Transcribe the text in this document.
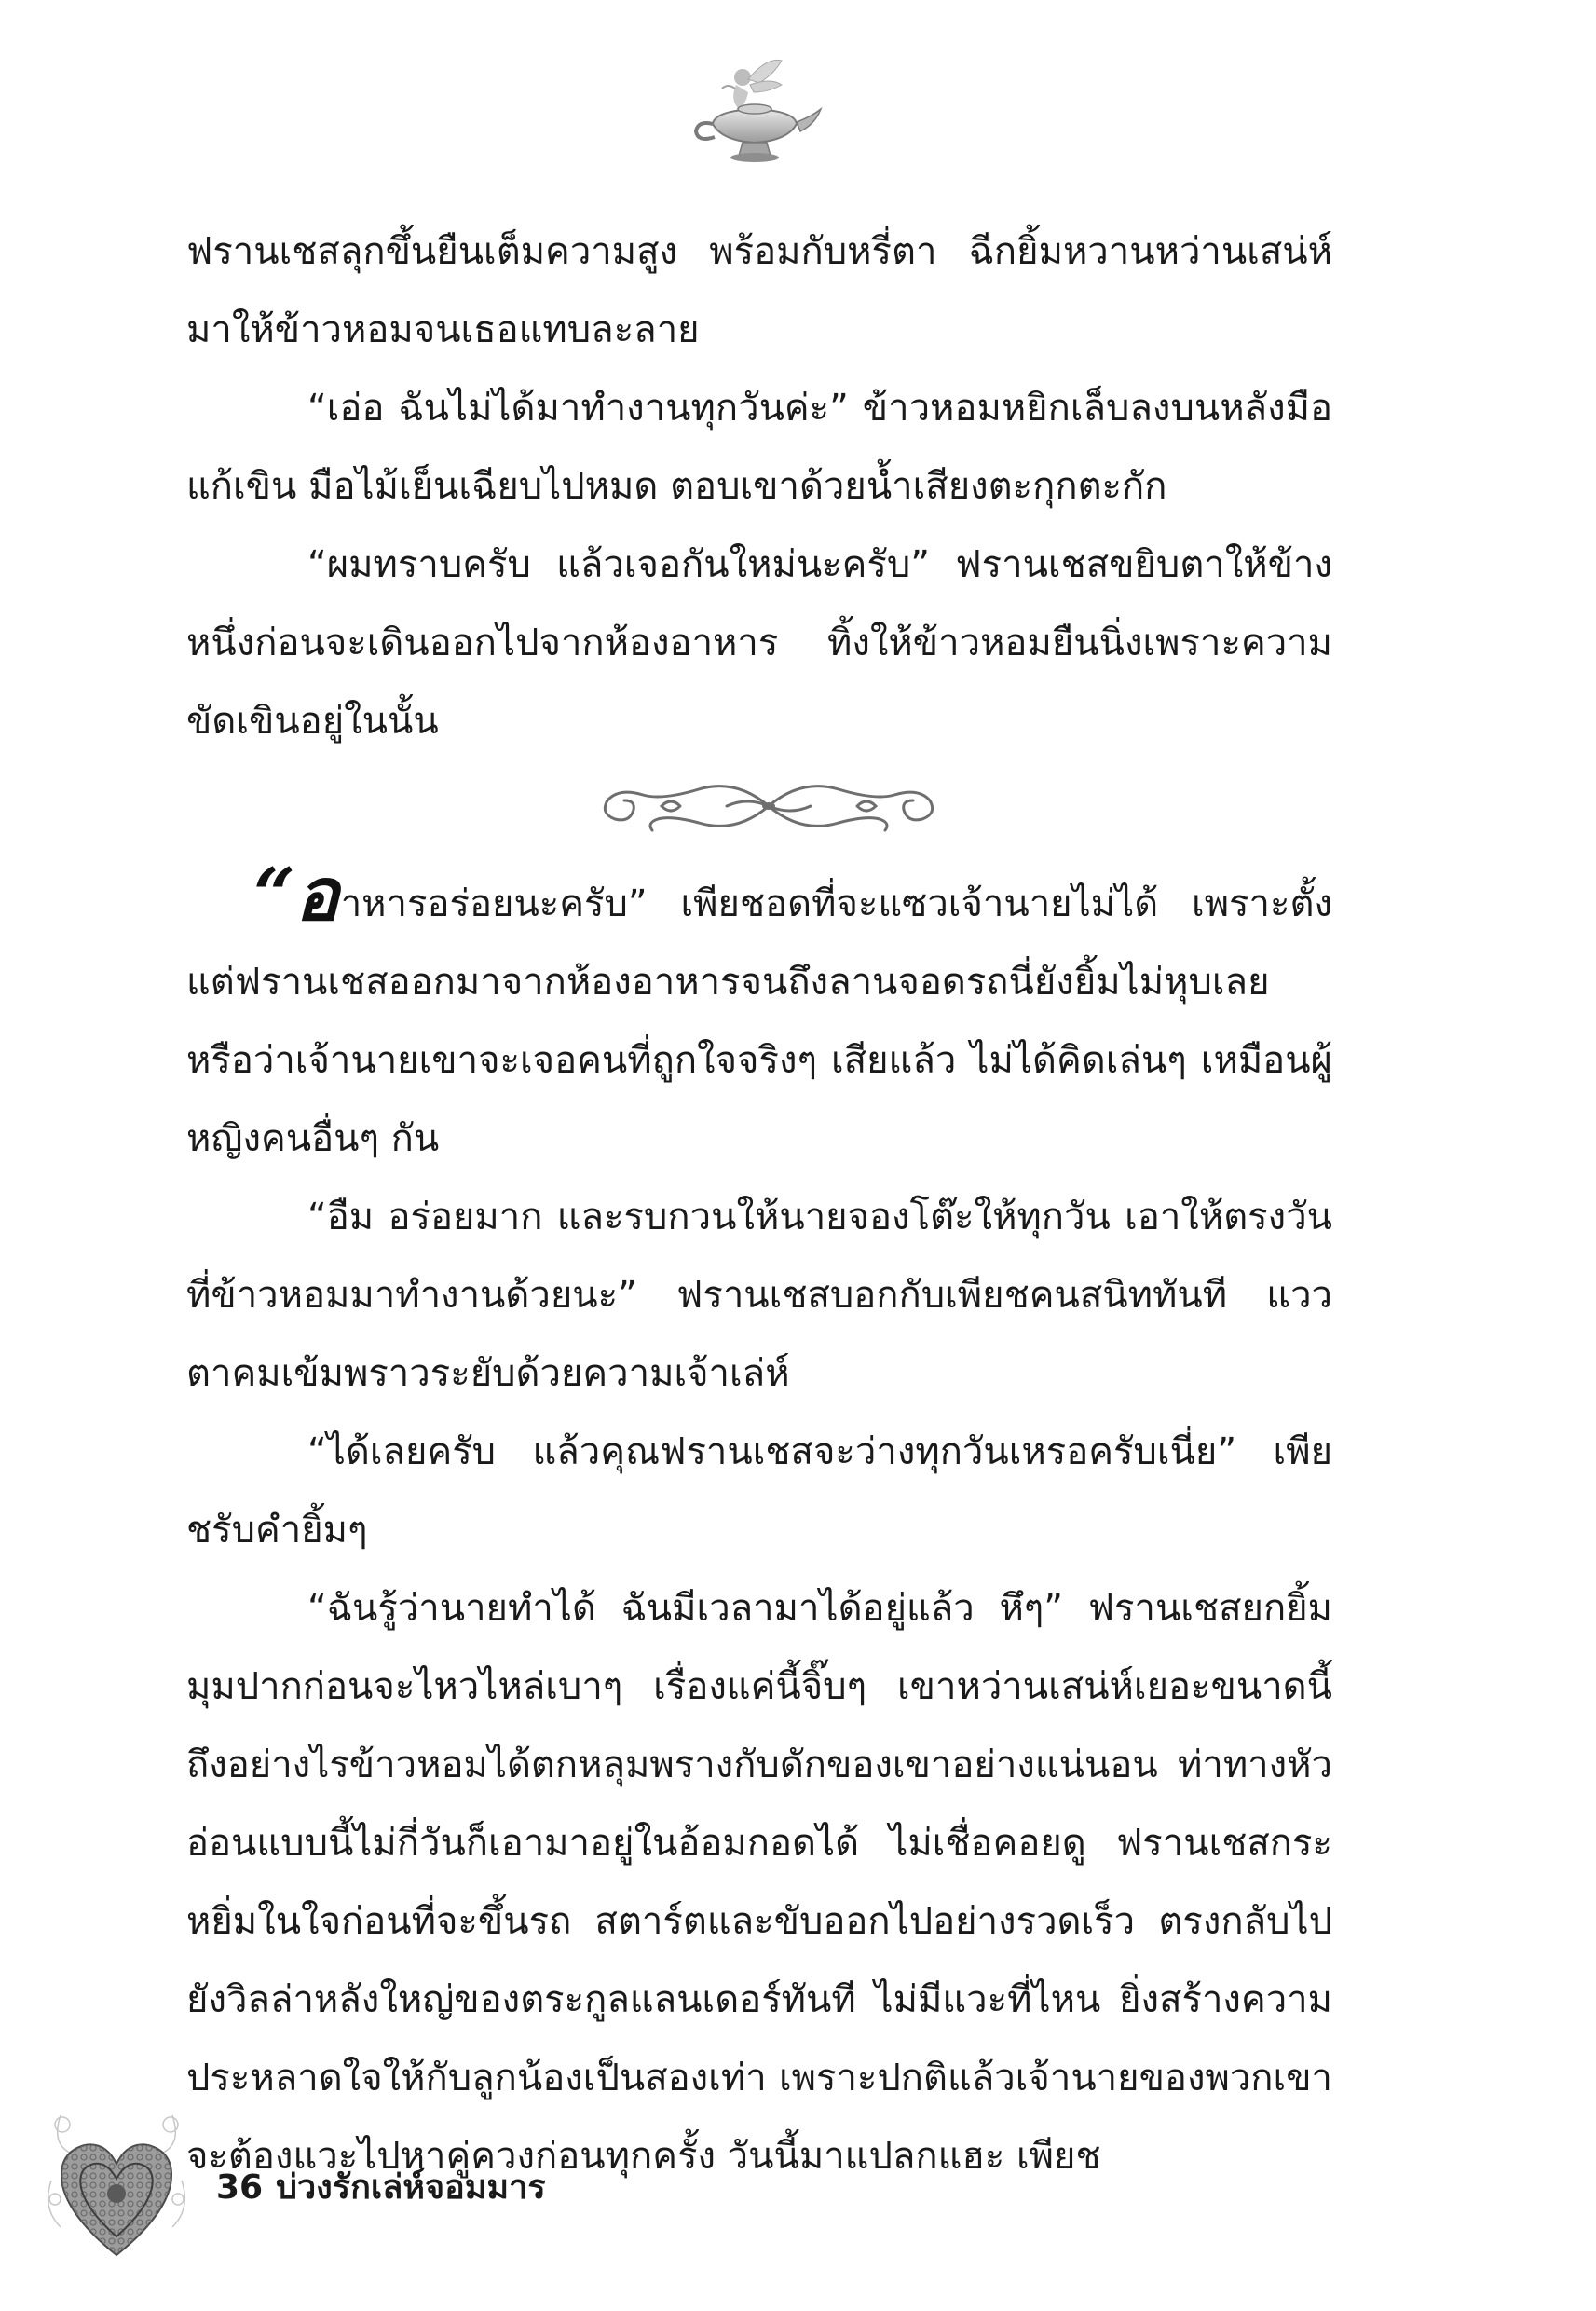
ฟรานเชสลุกขึ้นยืนเต็มความสูง พร้อมกับหรี่ตา ฉีกยิ้มหวานหว่านเสน่ห์มาให้ข้าวหอมจนเธอแทบละลาย

“เอ่อ ฉันไม่ได้มาทำงานทุกวันค่ะ” ข้าวหอมหยิกเล็บลงบนหลังมือแก้เขิน มือไม้เย็นเฉียบไปหมด ตอบเขาด้วยน้ำเสียงตะกุกตะกัก

“ผมทราบครับ แล้วเจอกันใหม่นะครับ” ฟรานเชสขยิบตาให้ข้างหนึ่งก่อนจะเดินออกไปจากห้องอาหาร ทิ้งให้ข้าวหอมยืนนิ่งเพราะความขัดเขินอยู่ในนั้น

“อาหารอร่อยนะครับ” เพียชอดที่จะแซวเจ้านายไม่ได้ เพราะตั้งแต่ฟรานเชสออกมาจากห้องอาหารจนถึงลานจอดรถนี่ยังยิ้มไม่หุบเลย หรือว่าเจ้านายเขาจะเจอคนที่ถูกใจจริงๆ เสียแล้ว ไม่ได้คิดเล่นๆ เหมือนผู้หญิงคนอื่นๆ กัน

“อืม อร่อยมาก และรบกวนให้นายจองโต๊ะให้ทุกวัน เอาให้ตรงวันที่ข้าวหอมมาทำงานด้วยนะ” ฟรานเชสบอกกับเพียชคนสนิททันที แววตาคมเข้มพราวระยับด้วยความเจ้าเล่ห์

“ได้เลยครับ แล้วคุณฟรานเชสจะว่างทุกวันเหรอครับเนี่ย” เพียชรับคำยิ้มๆ

“ฉันรู้ว่านายทำได้ ฉันมีเวลามาได้อยู่แล้ว หึๆ” ฟรานเชสยกยิ้มมุมปากก่อนจะไหวไหล่เบาๆ เรื่องแค่นี้จิ๊บๆ เขาหว่านเสน่ห์เยอะขนาดนี้ถึงอย่างไรข้าวหอมได้ตกหลุมพรางกับดักของเขาอย่างแน่นอน ท่าทางหัวอ่อนแบบนี้ไม่กี่วันก็เอามาอยู่ในอ้อมกอดได้ ไม่เชื่อคอยดู ฟรานเชสกระหยิ่มในใจก่อนที่จะขึ้นรถ สตาร์ตและขับออกไปอย่างรวดเร็ว ตรงกลับไปยังวิลล่าหลังใหญ่ของตระกูลแลนเดอร์ทันที ไม่มีแวะที่ไหน ยิ่งสร้างความประหลาดใจให้กับลูกน้องเป็นสองเท่า เพราะปกติแล้วเจ้านายของพวกเขาจะต้องแวะไปหาคู่ควงก่อนทุกครั้ง วันนี้มาแปลกแฮะ เพียช

36 บ่วงรักเล่ห์จอมมาร
